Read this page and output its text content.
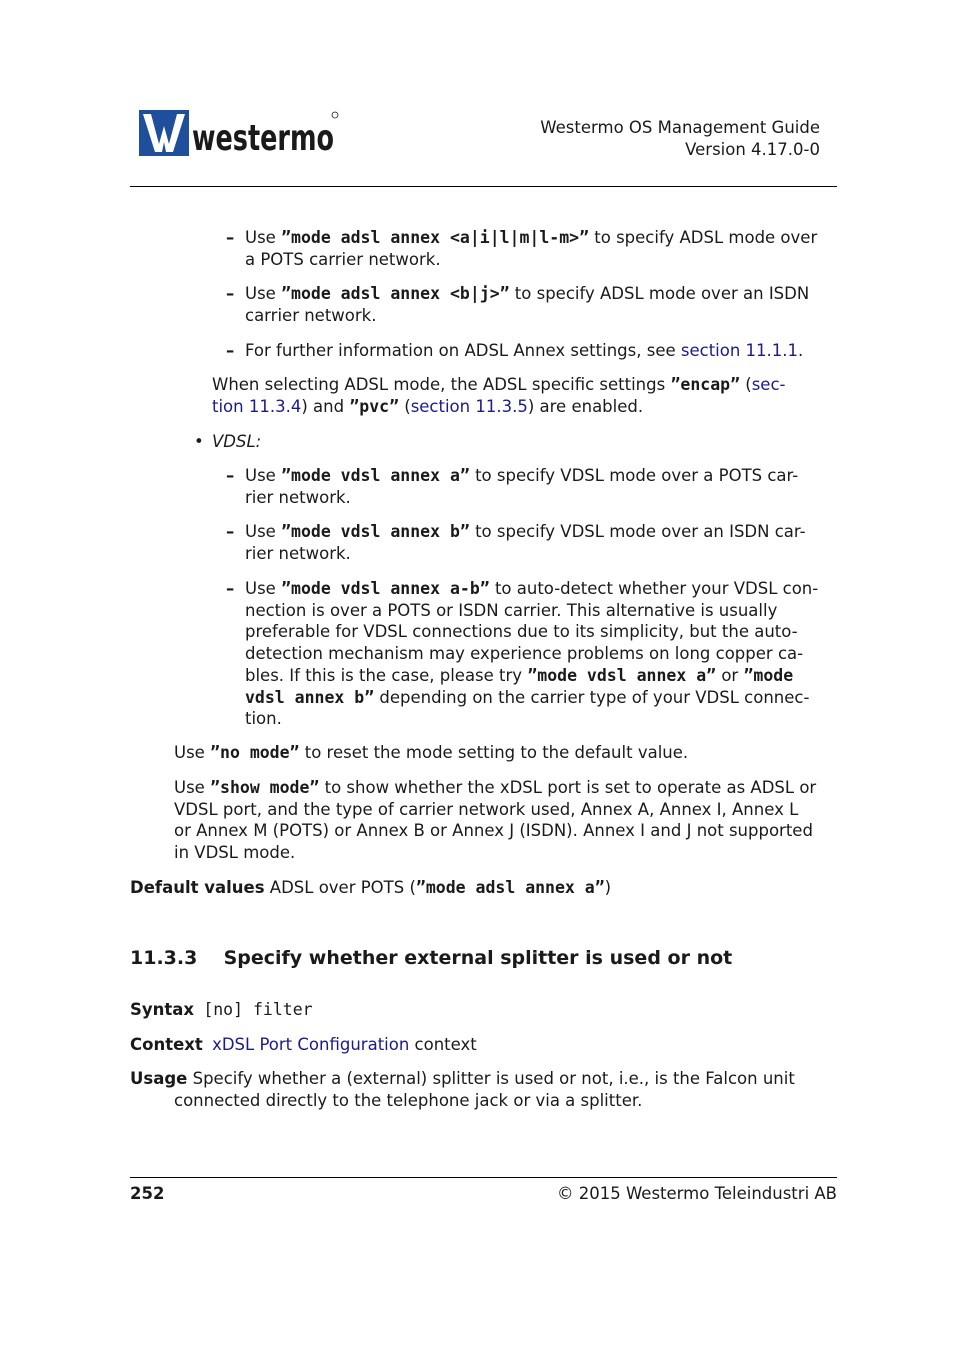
westermo	Westermo OS Management Guide
Version 4.17.0-0
– Use ”mode adsl annex <a|i|l|m|l-m>” to specify ADSL mode over
a POTS carrier network.
– Use ”mode adsl annex <b|j>” to specify ADSL mode over an ISDN
carrier network.
– For further information on ADSL Annex settings, see section 11.1.1.
When selecting ADSL mode, the ADSL specific settings ”encap” (sec-
tion 11.3.4) and ”pvc” (section 11.3.5) are enabled.
• VDSL:
– Use ”mode vdsl annex a” to specify VDSL mode over a POTS car-
rier network.
– Use ”mode vdsl annex b” to specify VDSL mode over an ISDN car-
rier network.
– Use ”mode vdsl annex a-b” to auto-detect whether your VDSL con-
nection is over a POTS or ISDN carrier. This alternative is usually
preferable for VDSL connections due to its simplicity, but the auto-
detection mechanism may experience problems on long copper ca-
bles. If this is the case, please try ”mode vdsl annex a” or ”mode
vdsl annex b” depending on the carrier type of your VDSL connec-
tion.
Use ”no mode” to reset the mode setting to the default value.
Use ”show mode” to show whether the xDSL port is set to operate as ADSL or
VDSL port, and the type of carrier network used, Annex A, Annex I, Annex L
or Annex M (POTS) or Annex B or Annex J (ISDN). Annex I and J not supported
in VDSL mode.
Default values ADSL over POTS (”mode adsl annex a”)
11.3.3 Specify whether external splitter is used or not
Syntax [no] filter
Context xDSL Port Configuration context
Usage Specify whether a (external) splitter is used or not, i.e., is the Falcon unit
connected directly to the telephone jack or via a splitter.
252	© 2015 Westermo Teleindustri AB
